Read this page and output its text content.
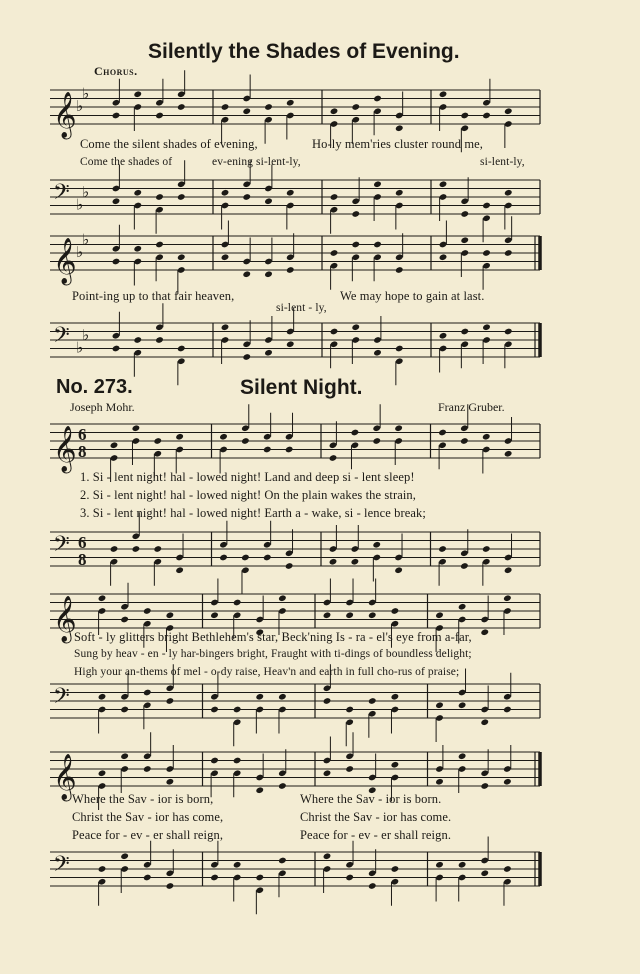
Silently the Shades of Evening.
Chorus.
𝄞 ♭
♭
𝄢 ♭
♭
Come the silent shades of evening,	Ho-ly mem'ries cluster round me,
Come the shades of	ev-ening si-lent-ly,	si-lent-ly,
𝄞 ♭
♭
𝄢 ♭
♭
Point-ing up to that fair heaven,
si-lent - ly,
We may hope to gain at last.
No. 273.	Silent Night.
Joseph Mohr.	Franz Gruber.
𝄞 6
8
𝄢 6
8
1. Si - lent night! hal - lowed night! Land and deep si - lent sleep!
2. Si - lent night! hal - lowed night! On the plain wakes the strain,
3. Si - lent night! hal - lowed night! Earth a - wake, si - lence break;
𝄞
𝄢
Soft - ly glitters bright Bethlehem's star, Beck'ning Is - ra - el's eye from a-far,
Sung by heav - en - ly har-bingers bright, Fraught with ti-dings of boundless delight;
High your an-thems of mel - o-dy raise, Heav'n and earth in full cho-rus of praise;
𝄞
𝄢
Where the Sav - ior is born,
Christ the Sav - ior has come,
Peace for - ev - er shall reign,
Where the Sav - ior is born.
Christ the Sav - ior has come.
Peace for - ev - er shall reign.
